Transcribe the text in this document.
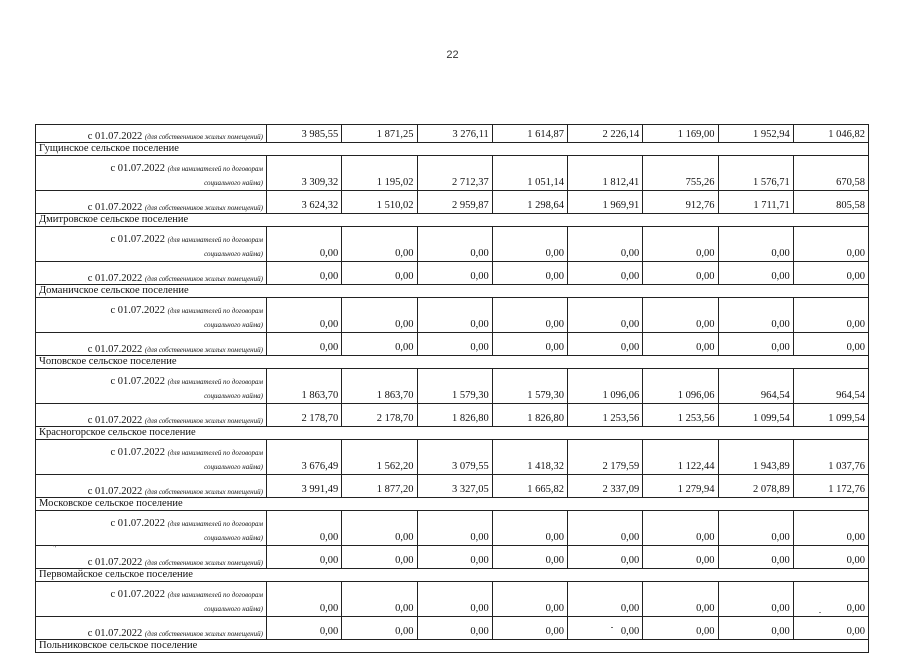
22
с 01.07.2022 (для собственников жилых помещений)	3 985,55	1 871,25	3 276,11	1 614,87	2 226,14	1 169,00	1 952,94	1 046,82
Гущинское сельское поселение								

с 01.07.2022 (для нанимателей по договорам
социального найма)	3 309,32	1 195,02	2 712,37	1 051,14	1 812,41	755,26	1 576,71	670,58
с 01.07.2022 (для собственников жилых помещений)	3 624,32	1 510,02	2 959,87	1 298,64	1 969,91	912,76	1 711,71	805,58
Дмитровское сельское поселение								

с 01.07.2022 (для нанимателей по договорам
социального найма)	0,00	0,00	0,00	0,00	0,00	0,00	0,00	0,00
с 01.07.2022 (для собственников жилых помещений)	0,00	0,00	0,00	0,00	0,00	0,00	0,00	0,00
Доманичское сельское поселение								

с 01.07.2022 (для нанимателей по договорам
социального найма)	0,00	0,00	0,00	0,00	0,00	0,00	0,00	0,00
с 01.07.2022 (для собственников жилых помещений)	0,00	0,00	0,00	0,00	0,00	0,00	0,00	0,00
Чоповское сельское поселение								

с 01.07.2022 (для нанимателей по договорам
социального найма)	1 863,70	1 863,70	1 579,30	1 579,30	1 096,06	1 096,06	964,54	964,54
с 01.07.2022 (для собственников жилых помещений)	2 178,70	2 178,70	1 826,80	1 826,80	1 253,56	1 253,56	1 099,54	1 099,54
Красногорское сельское поселение								

с 01.07.2022 (для нанимателей по договорам
социального найма)	3 676,49	1 562,20	3 079,55	1 418,32	2 179,59	1 122,44	1 943,89	1 037,76
с 01.07.2022 (для собственников жилых помещений)	3 991,49	1 877,20	3 327,05	1 665,82	2 337,09	1 279,94	2 078,89	1 172,76
Московское сельское поселение								

с 01.07.2022 (для нанимателей по договорам
социального найма)	0,00	0,00	0,00	0,00	0,00	0,00	0,00	0,00
с 01.07.2022 (для собственников жилых помещений)	0,00	0,00	0,00	0,00	0,00	0,00	0,00	0,00
Первомайское сельское поселение								

с 01.07.2022 (для нанимателей по договорам
социального найма)	0,00	0,00	0,00	0,00	0,00	0,00	0,00	0,00
с 01.07.2022 (для собственников жилых помещений)	0,00	0,00	0,00	0,00	0,00	0,00	0,00	0,00
Польниковское сельское поселение								
`'
